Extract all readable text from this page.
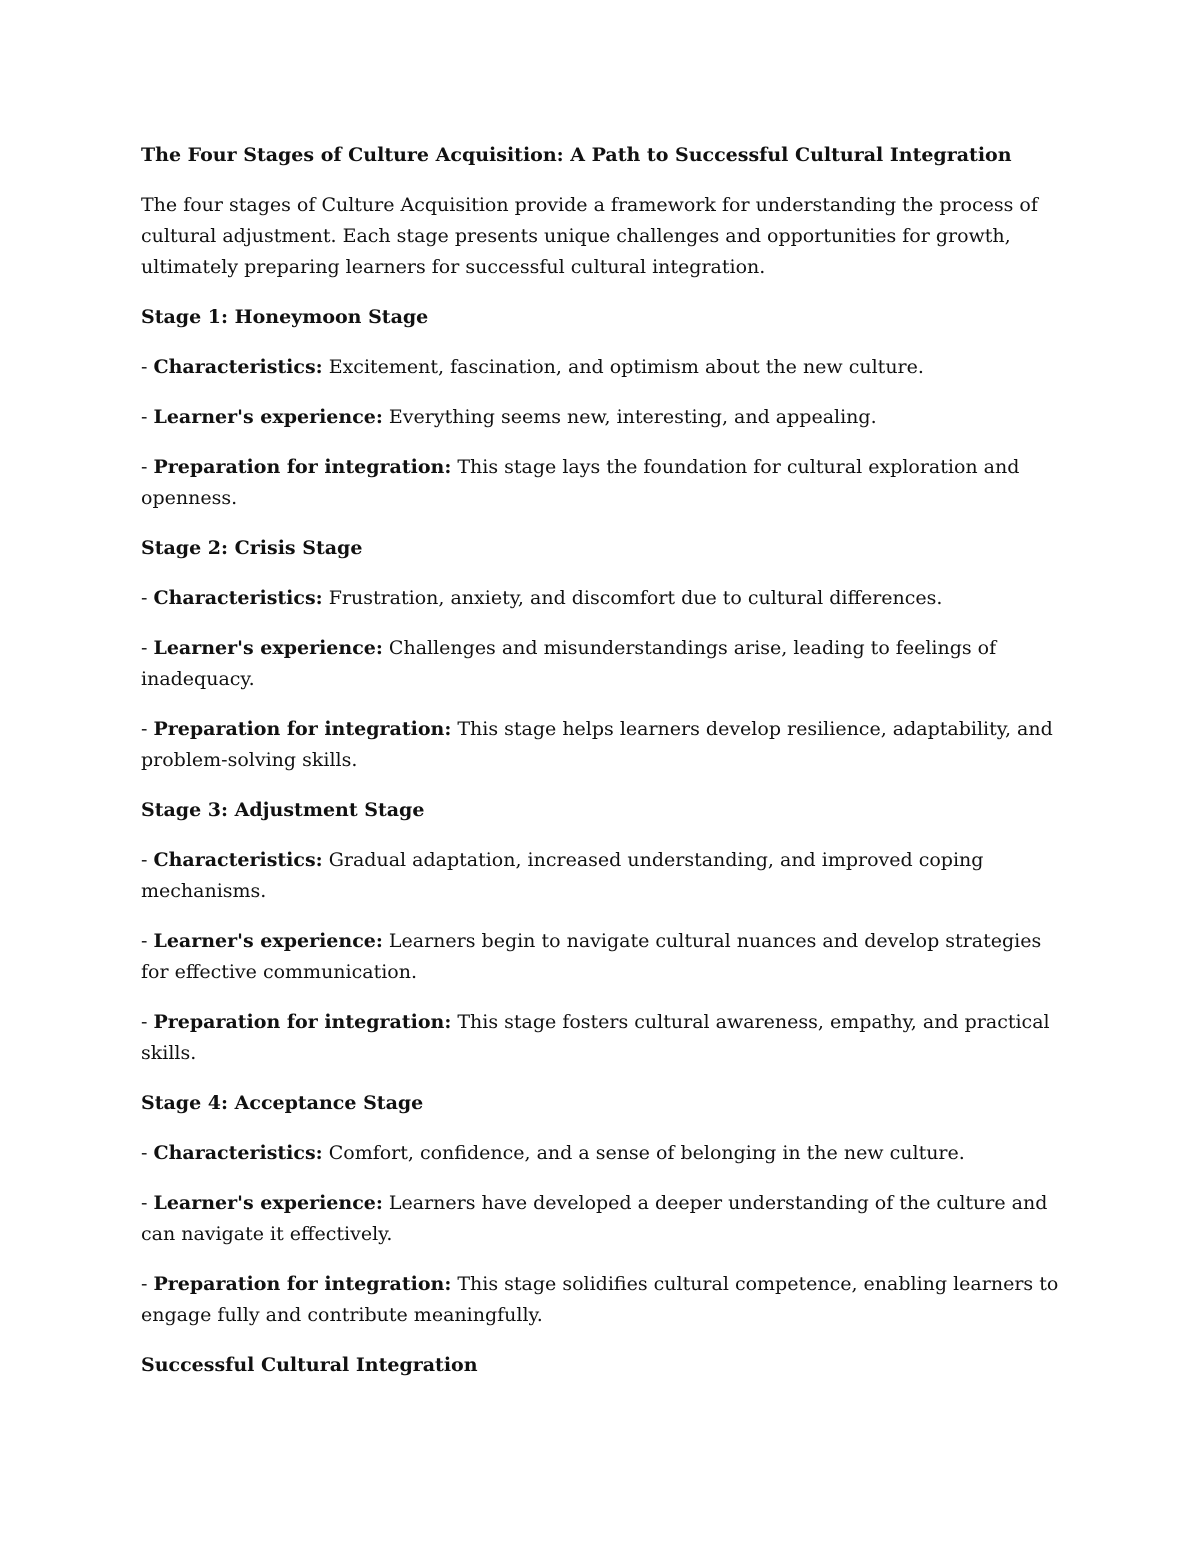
The Four Stages of Culture Acquisition: A Path to Successful Cultural Integration

The four stages of Culture Acquisition provide a framework for understanding the process of cultural adjustment. Each stage presents unique challenges and opportunities for growth, ultimately preparing learners for successful cultural integration.

Stage 1: Honeymoon Stage

- Characteristics: Excitement, fascination, and optimism about the new culture.

- Learner's experience: Everything seems new, interesting, and appealing.

- Preparation for integration: This stage lays the foundation for cultural exploration and openness.

Stage 2: Crisis Stage

- Characteristics: Frustration, anxiety, and discomfort due to cultural differences.

- Learner's experience: Challenges and misunderstandings arise, leading to feelings of inadequacy.

- Preparation for integration: This stage helps learners develop resilience, adaptability, and problem-solving skills.

Stage 3: Adjustment Stage

- Characteristics: Gradual adaptation, increased understanding, and improved coping mechanisms.

- Learner's experience: Learners begin to navigate cultural nuances and develop strategies for effective communication.

- Preparation for integration: This stage fosters cultural awareness, empathy, and practical skills.

Stage 4: Acceptance Stage

- Characteristics: Comfort, confidence, and a sense of belonging in the new culture.

- Learner's experience: Learners have developed a deeper understanding of the culture and can navigate it effectively.

- Preparation for integration: This stage solidifies cultural competence, enabling learners to engage fully and contribute meaningfully.

Successful Cultural Integration
